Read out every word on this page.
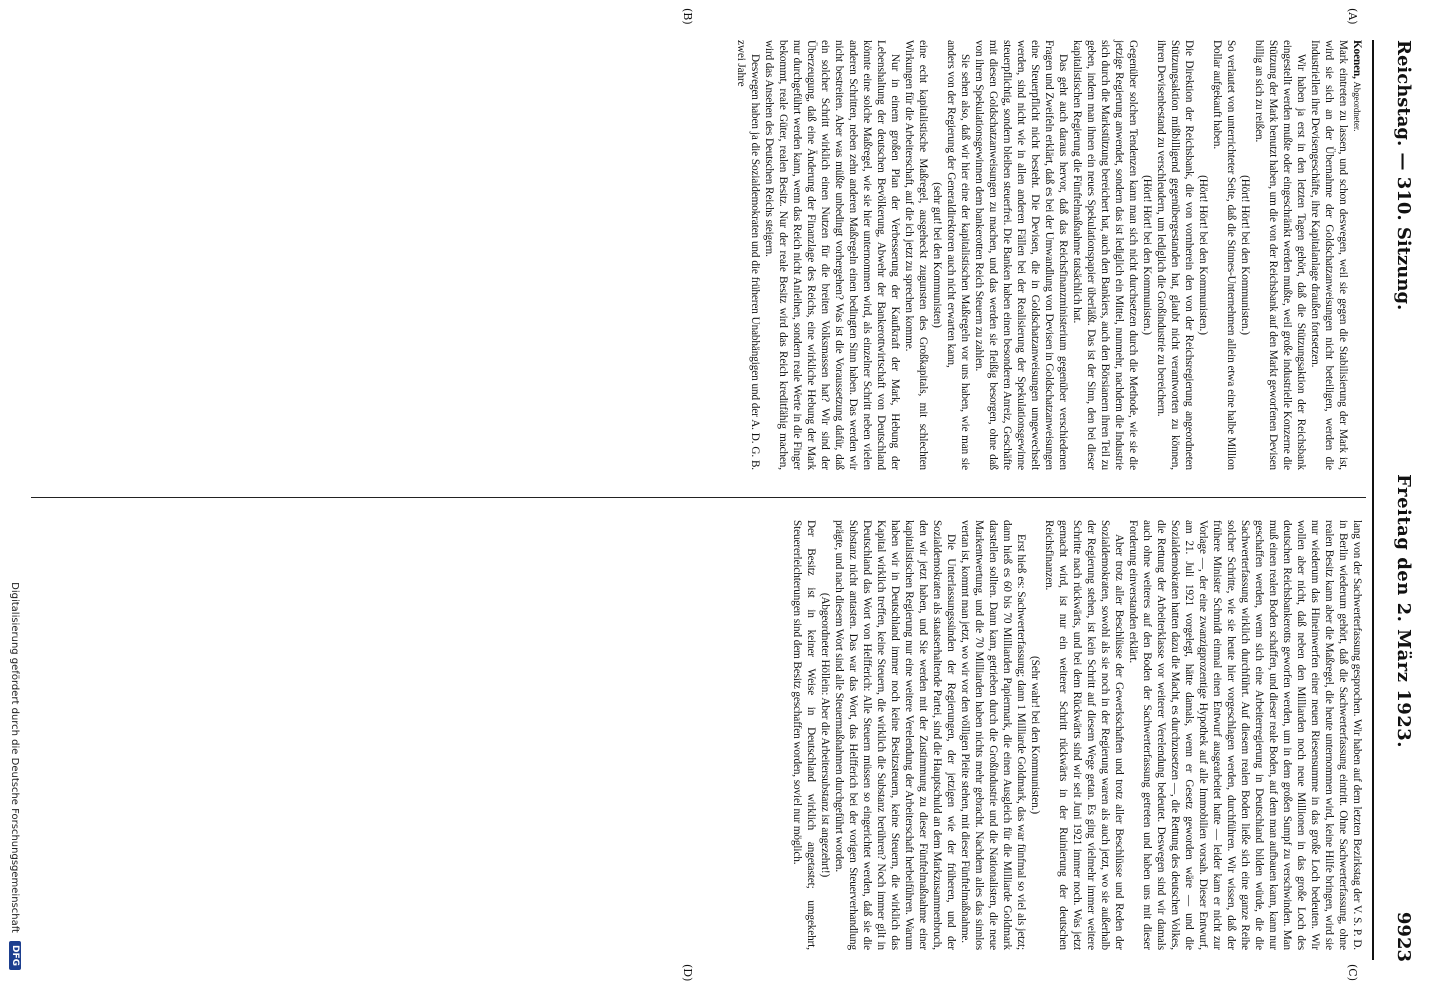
Reichstag. — 310. Sitzung.
Freitag den 2. März 1923.
9923
(A)
(B)
(C)
(D)

Koenen, Abgeordneter.

Mark eintreten zu lassen, und schon deswegen, weil sie gegen die Stabilisierung der Mark ist, wird sie sich an der Übernahme der Goldschatzanweisungen nicht beteiligen, werden die Industriellen ihre Devisengeschäfte, ihre Kapitalanlage draußen fortsetzen.

Wir haben ja erst in den letzten Tagen gehört, daß die Stützungsaktion der Reichsbank eingestellt werden mußte oder eingeschränkt werden mußte, weil große industrielle Konzerne die Stützung der Mark benutzt haben, um die von der Reichsbank auf den Markt geworfenen Devisen billig an sich zu reißen.

(Hört! Hört! bei den Kommunisten.)

So verlautet von unterrichteter Seite, daß die Stinnes-Unternehmen allein etwa eine halbe Million Dollar aufgekauft haben.

(Hört! Hört! bei den Kommunisten.)

Die Direktion der Reichsbank, die von vornherein den von der Reichsregierung angeordneten Stützungsaktion mißbilligend gegenübergestanden hat, glaubt nicht verantworten zu können, ihren Devisenbestand zu verschleudern, um lediglich die Großindustrie zu bereichern.

(Hört! Hört! bei den Kommunisten.)

Gegenüber solchen Tendenzen kann man sich nicht durchsetzen durch die Methode, wie sie die jetzige Regierung anwendet, sondern das ist lediglich ein Mittel, nunmehr, nachdem die Industrie sich durch die Markstützung bereichert hat, auch den Bankiers, auch den Börsianern ihren Teil zu geben, indem man ihnen ein neues Spekulationspapier überläßt. Das ist der Sinn, den bei dieser kapitalistischen Regierung die Fünftelmaßnahme tatsächlich hat.

Das geht auch daraus hervor, daß das Reichsfinanzministerium gegenüber verschiedenen Fragen und Zweifeln erklärt, daß es bei der Umwandlung von Devisen in Goldschatzanweisungen eine Steuerpflicht nicht besteht. Die Devisen, die in Goldschatzanweisungen umgewechselt werden, sind nicht wie in allen anderen Fällen bei der Realisierung der Spekulationsgewinne steuerpflichtig, sondern bleiben steuerfrei. Die Banken haben einen besonderen Anreiz, Geschäfte mit diesen Goldschatzanweisungen zu machen, und das werden sie fleißig besorgen, ohne daß von ihren Spekulationsgewinnen dem bankerotten Reich Steuern zu zahlen.

Sie sehen also, daß wir hier eine der kapitalistischen Maßregeln vor uns haben, wie man sie anders von der Regierung der Generaldirektoren auch nicht erwarten kann,

(sehr gut! bei den Kommunisten)

eine echt kapitalistische Maßregel, ausgeheckt zugunsten des Großkapitals, mit schlechten Wirkungen für die Arbeiterschaft, auf die ich jetzt zu sprechen komme.

Nur in einem großen Plan der Verbesserung der Kaufkraft der Mark, Hebung der Lebenshaltung der deutschen Bevölkerung, Abwehr der Bankerottwirtschaft von Deutschland könnte eine solche Maßregel, wie sie hier unternommen wird, als einzelner Schritt neben vielen anderen Schritten, neben zehn anderen Maßregeln einen bedingten Sinn haben. Das werden wir nicht bestreiten. Aber was müßte unbedingt vorhergehen? Was ist die Voraussetzung dafür, daß ein solcher Schritt wirklich einen Nutzen für die breiten Volksmassen hat? Wir sind der Überzeugung, daß eine Änderung der Finanzlage des Reichs, eine wirkliche Hebung der Mark nur durchgeführt werden kann, wenn das Reich nicht Anleihen, sondern reale Werte in die Finger bekommt, reale Güter, realen Besitz. Nur der reale Besitz wird das Reich kreditfähig machen, wird das Ansehen des Deutschen Reichs steigern.

Deswegen haben ja die Sozialdemokraten und die früheren Unabhängigen und der A. D. G. B. zwei Jahre

lang von der Sachwerterfassung gesprochen. Wir haben auf dem letzten Bezirkstag der V. S. P. D. in Berlin wiederum gehört, daß die Sachwerterfassung eintritt. Ohne Sachwerterfassung, ohne realen Besitz kann aber die Maßregel, die heute unternommen wird, keine Hilfe bringen, wird sie nur wiederum das Hineinwerfen einer neuen Riesensumme in das große Loch bedeuten. Wir wollen aber nicht, daß neben den Milliarden noch neue Millionen in das große Loch des deutschen Reichsbankerotts geworfen werden, um in dem großen Sumpf zu verschwinden. Man muß einen realen Boden schaffen, und dieser reale Boden, auf dem man aufbauen kann, kann nur geschaffen werden, wenn sich eine Arbeiterregierung in Deutschland bilden würde, die die Sachwerterfassung wirklich durchführt. Auf diesem realen Boden ließe sich eine ganze Reihe solcher Schritte, wie sie heute hier vorgeschlagen werden, durchführen. Wir wissen, daß der frühere Minister Schmidt einmal einen Entwurf ausgearbeitet hatte — leider kam er nicht zur Vorlage —, der eine zwanzigprozentige Hypothek auf alle Immobilien vorsah. Dieser Entwurf, am 21. Juli 1921 vorgelegt, hätte damals, wenn er Gesetz geworden wäre — und die Sozialdemokraten hatten dazu die Macht, es durchzusetzen —, die Rettung des deutschen Volkes, die Rettung der Arbeiterklasse vor weiterer Verelendung bedeutet. Deswegen sind wir damals auch ohne weiteres auf den Boden der Sachwerterfassung getreten und haben uns mit dieser Forderung einverstanden erklärt.

Aber trotz aller Beschlüsse der Gewerkschaften und trotz aller Beschlüsse und Reden der Sozialdemokraten, sowohl als sie noch in der Regierung waren als auch jetzt, wo sie außerhalb der Regierung stehen, ist kein Schritt auf diesem Wege getan. Es ging vielmehr immer weitere Schritte nach rückwärts, und bei dem Rückwärts sind wir seit Juni 1921 immer noch. Was jetzt gemacht wird, ist nur ein weiterer Schritt rückwärts in der Ruinierung der deutschen Reichsfinanzen.

(Sehr wahr! bei den Kommunisten.)

Erst hieß es: Sachwerterfassung; dann 1 Milliarde Goldmark, das war fünfmal so viel als jetzt; dann hieß es 60 bis 70 Milliarden Papiermark, die einen Ausgleich für die Milliarde Goldmark darstellen sollten. Dann kam, getrieben durch die Großindustrie und die Nationalisten, die neue Markentwertung, und die 70 Milliarden haben nichts mehr gebracht. Nachdem alles das sinnlos vertan ist, kommt man jetzt, wo wir vor den völligen Pleite stehen, mit dieser Fünftelmaßnahme.

Die Unterlassungssünden der Regierungen, der jetzigen wie der früheren, und der Sozialdemokraten als staatserhaltende Partei, sind die Hauptschuld an dem Markzusammenbruch, den wir jetzt haben, und Sie werden mit der Zustimmung zu dieser Fünftelmaßnahme einer kapitalistischen Regierung nur eine weitere Verelendung der Arbeiterschaft herbeiführen. Warum haben wir in Deutschland immer noch keine Besitzsteuern, keine Steuern, die wirklich das Kapital wirklich treffen, keine Steuern, die wirklich die Substanz berühren? Noch immer gilt in Deutschland das Wort von Helfferich: Alle Steuern müssen so eingerichtet werden, daß sie die Substanz nicht antasten. Das war das Wort, das Helfferich bei der vorigen Steuerverhandlung prägte, und nach diesem Wort sind alle Steuermaßnahmen durchgeführt worden.

(Abgeordneter Höllein: Aber die Arbeitersubstanz ist angezehrt!)

Der Besitz ist in keiner Weise in Deutschland wirklich angetastet; umgekehrt, Steuererleichterungen sind dem Besitz geschaffen worden, soviel nur möglich.

Digitalisierung gefördert durch die Deutsche Forschungsgemeinschaft
DFG
